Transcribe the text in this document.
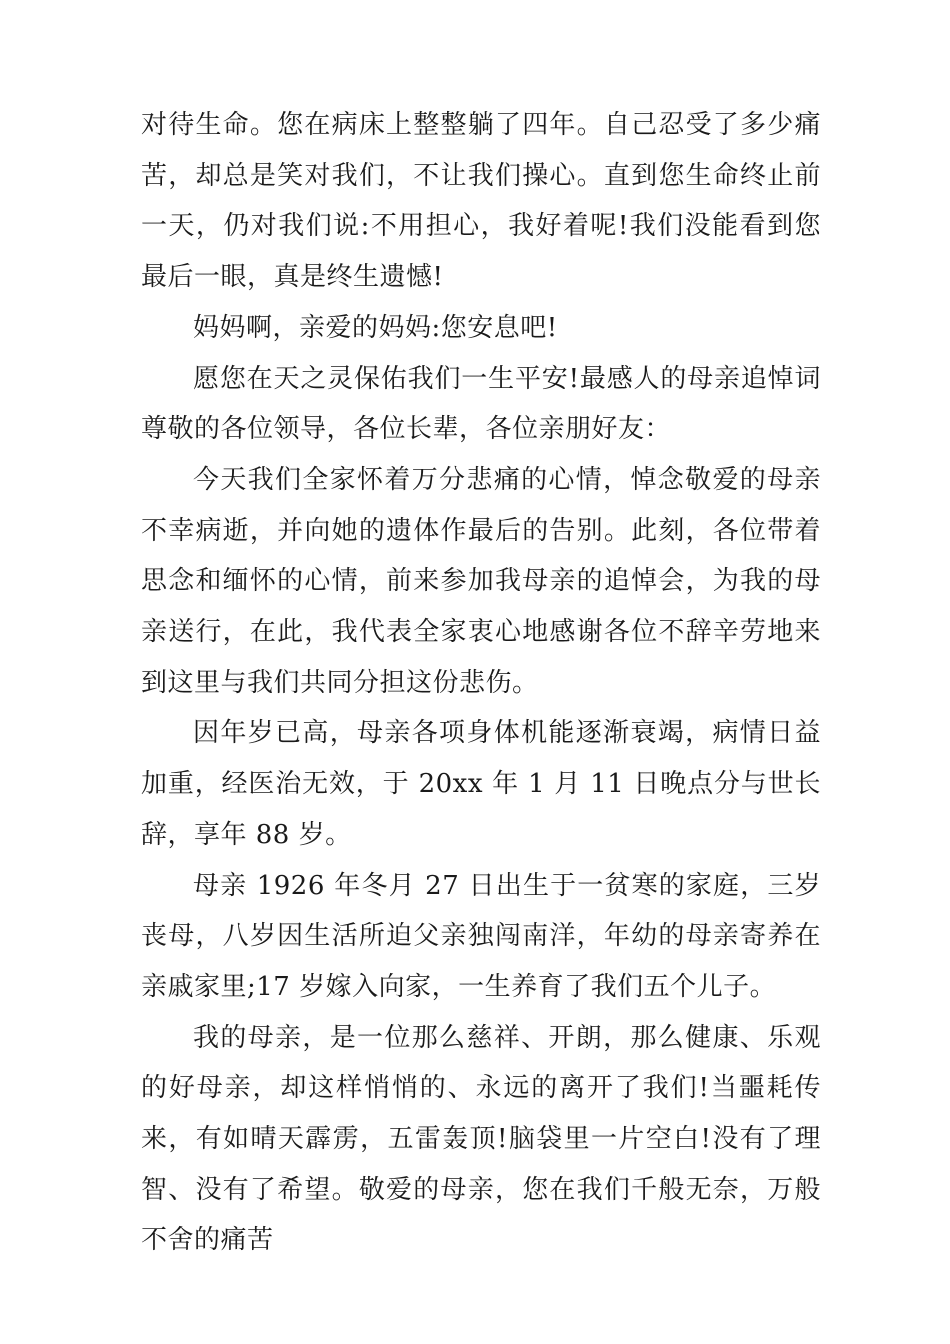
对待生命。您在病床上整整躺了四年。自己忍受了多少痛苦，却总是笑对我们，不让我们操心。直到您生命终止前一天，仍对我们说:不用担心，我好着呢!我们没能看到您最后一眼，真是终生遗憾!

妈妈啊，亲爱的妈妈:您安息吧!

愿您在天之灵保佑我们一生平安!最感人的母亲追悼词尊敬的各位领导，各位长辈，各位亲朋好友：

今天我们全家怀着万分悲痛的心情，悼念敬爱的母亲不幸病逝，并向她的遗体作最后的告别。此刻，各位带着思念和缅怀的心情，前来参加我母亲的追悼会，为我的母亲送行，在此，我代表全家衷心地感谢各位不辞辛劳地来到这里与我们共同分担这份悲伤。

因年岁已高，母亲各项身体机能逐渐衰竭，病情日益加重，经医治无效，于 20xx 年 1 月 11 日晚点分与世长辞，享年 88 岁。

母亲 1926 年冬月 27 日出生于一贫寒的家庭，三岁丧母，八岁因生活所迫父亲独闯南洋，年幼的母亲寄养在亲戚家里;17 岁嫁入向家，一生养育了我们五个儿子。

我的母亲，是一位那么慈祥、开朗，那么健康、乐观的好母亲，却这样悄悄的、永远的离开了我们!当噩耗传来，有如晴天霹雳，五雷轰顶!脑袋里一片空白!没有了理智、没有了希望。敬爱的母亲，您在我们千般无奈，万般不舍的痛苦
